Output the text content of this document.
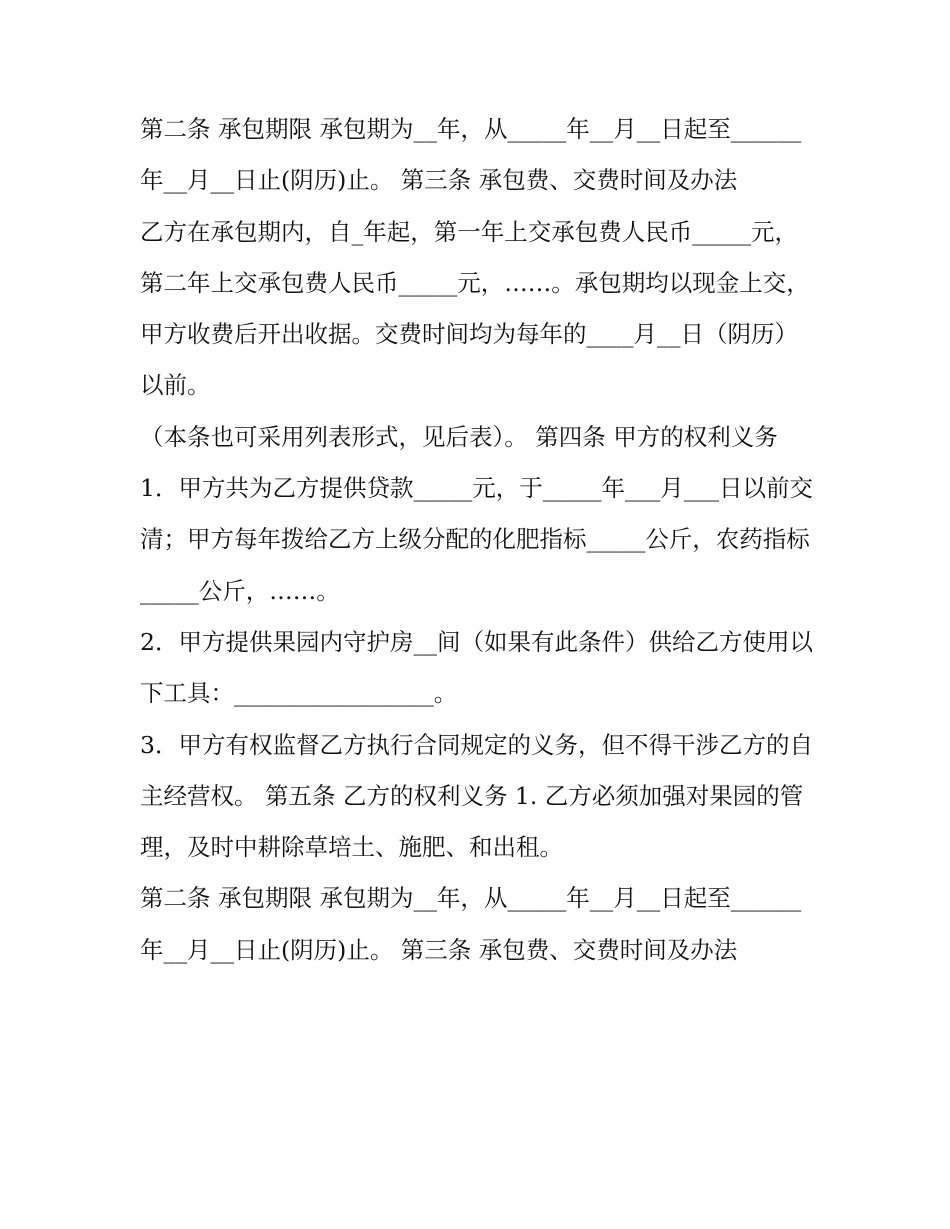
第二条 承包期限 承包期为__年，从_____年__月__日起至______年__月__日止(阴历)止。 第三条 承包费、交费时间及办法

乙方在承包期内，自_年起，第一年上交承包费人民币_____元，第二年上交承包费人民币_____元，……。承包期均以现金上交，甲方收费后开出收据。交费时间均为每年的____月__日（阴历）以前。

（本条也可采用列表形式，见后表）。 第四条 甲方的权利义务

1．甲方共为乙方提供贷款_____元，于_____年___月___日以前交清；甲方每年拨给乙方上级分配的化肥指标_____公斤，农药指标_____公斤，……。

2．甲方提供果园内守护房__间（如果有此条件）供给乙方使用以下工具：_________________。

3．甲方有权监督乙方执行合同规定的义务，但不得干涉乙方的自主经营权。 第五条 乙方的权利义务 1. 乙方必须加强对果园的管理，及时中耕除草培土、施肥、和出租。

第二条 承包期限 承包期为__年，从_____年__月__日起至______年__月__日止(阴历)止。 第三条 承包费、交费时间及办法
